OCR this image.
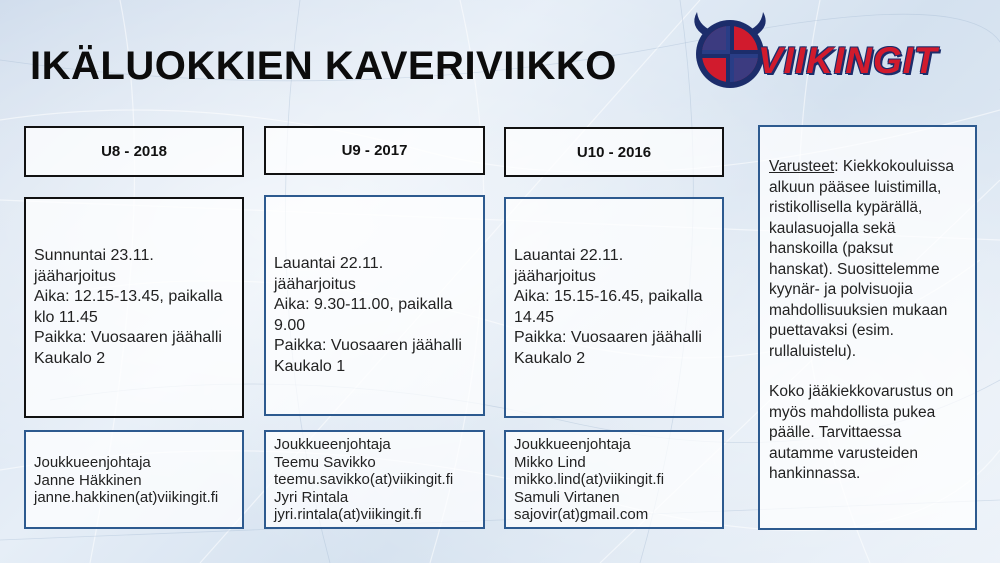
IKÄLUOKKIEN KAVERIVIIKKO	VIIKINGIT
U8 - 2018
Sunnuntai 23.11.
jääharjoitus
Aika: 12.15-13.45, paikalla
klo 11.45
Paikka: Vuosaaren jäähalli
Kaukalo 2
Joukkueenjohtaja
Janne Häkkinen
janne.hakkinen(at)viikingit.fi
U9 - 2017
Lauantai 22.11.
jääharjoitus
Aika: 9.30-11.00, paikalla
9.00
Paikka: Vuosaaren jäähalli
Kaukalo 1
Joukkueenjohtaja
Teemu Savikko
teemu.savikko(at)viikingit.fi
Jyri Rintala
jyri.rintala(at)viikingit.fi
U10 - 2016
Lauantai 22.11.
jääharjoitus
Aika: 15.15-16.45, paikalla
14.45
Paikka: Vuosaaren jäähalli
Kaukalo 2
Joukkueenjohtaja
Mikko Lind
mikko.lind(at)viikingit.fi
Samuli Virtanen
sajovir(at)gmail.com
Varusteet: Kiekkokouluissa
alkuun pääsee luistimilla,
ristikollisella kypärällä,
kaulasuojalla sekä
hanskoilla (paksut
hanskat). Suosittelemme
kyynär- ja polvisuojia
mahdollisuuksien mukaan
puettavaksi (esim.
rullaluistelu).
Koko jääkiekkovarustus on
myös mahdollista pukea
päälle. Tarvittaessa
autamme varusteiden
hankinnassa.
